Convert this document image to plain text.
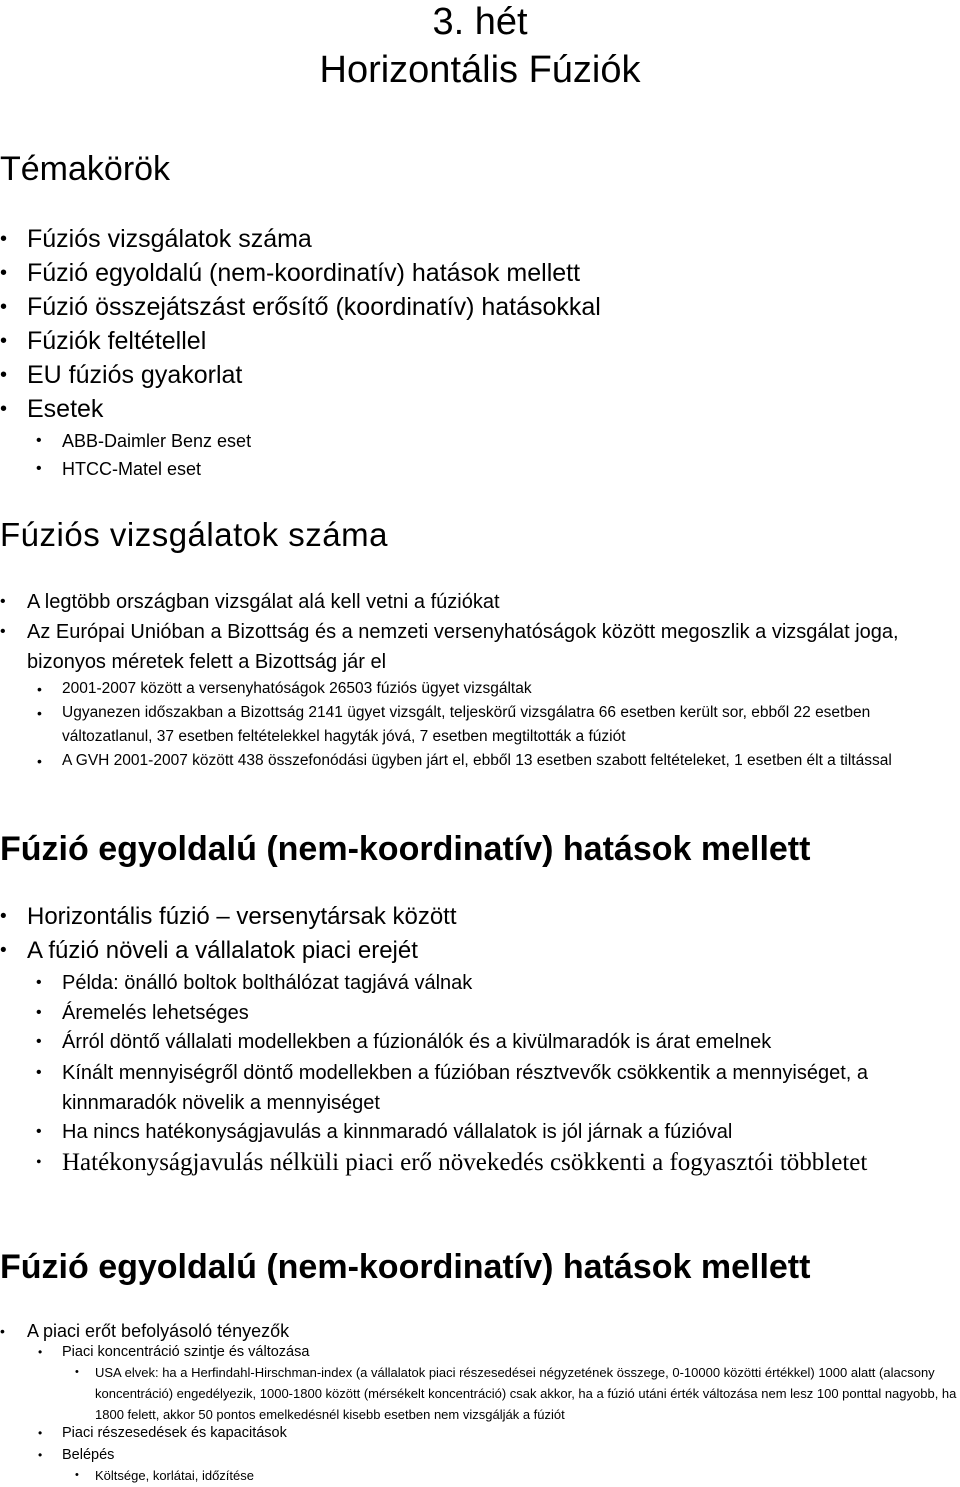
3. hét
Horizontális Fúziók
Témakörök
• Fúziós vizsgálatok száma
• Fúzió egyoldalú (nem-koordinatív) hatások mellett
• Fúzió összejátszást erősítő (koordinatív) hatásokkal
• Fúziók feltétellel
• EU fúziós gyakorlat
• Esetek
• ABB-Daimler Benz eset
• HTCC-Matel eset
Fúziós vizsgálatok száma
• A legtöbb országban vizsgálat alá kell vetni a fúziókat
• Az Európai Unióban a Bizottság és a nemzeti versenyhatóságok között megoszlik a vizsgálat joga, bizonyos méretek felett a Bizottság jár el
• 2001-2007 között a versenyhatóságok 26503 fúziós ügyet vizsgáltak
• Ugyanezen időszakban a Bizottság 2141 ügyet vizsgált, teljeskörű vizsgálatra 66 esetben került sor, ebből 22 esetben változatlanul, 37 esetben feltételekkel hagyták jóvá, 7 esetben megtiltották a fúziót
• A GVH 2001-2007 között 438 összefonódási ügyben járt el, ebből 13 esetben szabott feltételeket, 1 esetben élt a tiltással
Fúzió egyoldalú (nem-koordinatív) hatások mellett
• Horizontális fúzió – versenytársak között
• A fúzió növeli a vállalatok piaci erejét
• Példa: önálló boltok bolthálózat tagjává válnak
• Áremelés lehetséges
• Árról döntő vállalati modellekben a fúzionálók és a kivülmaradók is árat emelnek
• Kínált mennyiségről döntő modellekben a fúzióban résztvevők csökkentik a mennyiséget, a kinnmaradók növelik a mennyiséget
• Ha nincs hatékonyságjavulás a kinnmaradó vállalatok is jól járnak a fúzióval
• Hatékonyságjavulás nélküli piaci erő növekedés csökkenti a fogyasztói többletet
Fúzió egyoldalú (nem-koordinatív) hatások mellett
• A piaci erőt befolyásoló tényezők
• Piaci koncentráció szintje és változása
• USA elvek: ha a Herfindahl-Hirschman-index (a vállalatok piaci részesedései négyzetének összege, 0-10000 közötti értékkel) 1000 alatt (alacsony koncentráció) engedélyezik, 1000-1800 között (mérsékelt koncentráció) csak akkor, ha a fúzió utáni érték változása nem lesz 100 ponttal nagyobb, ha 1800 felett, akkor 50 pontos emelkedésnél kisebb esetben nem vizsgálják a fúziót
• Piaci részesedések és kapacitások
• Belépés
• Költsége, korlátai, időzítése
